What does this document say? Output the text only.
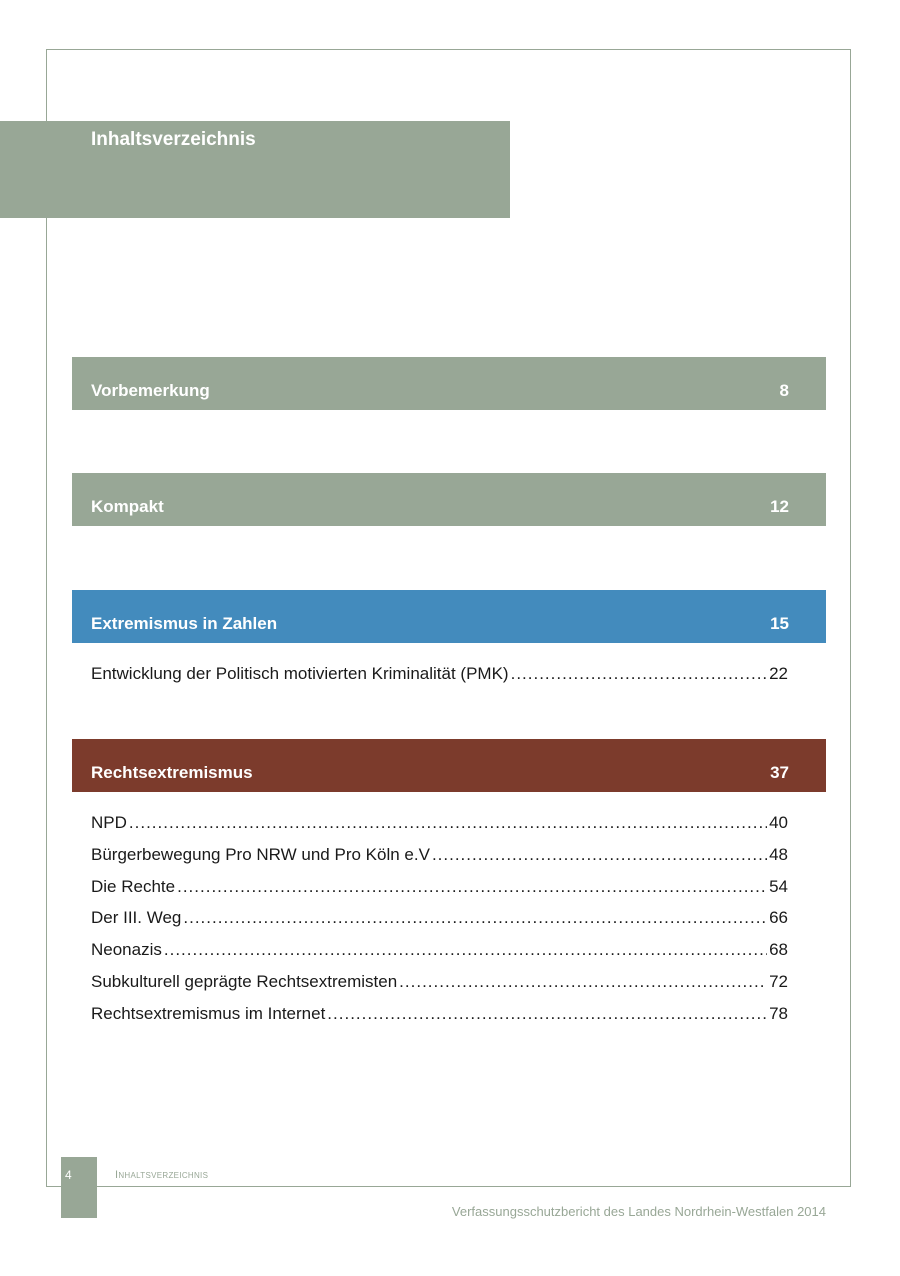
Inhaltsverzeichnis
Vorbemerkung	8
Kompakt	12
Extremismus in Zahlen	15
Entwicklung der Politisch motivierten Kriminalität (PMK) .....	22
Rechtsextremismus	37
NPD .....	40
Bürgerbewegung Pro NRW und Pro Köln e.V .....	48
Die Rechte .....	54
Der III. Weg .....	66
Neonazis .....	68
Subkulturell geprägte Rechtsextremisten .....	72
Rechtsextremismus im Internet .....	78
4	Inhaltsverzeichnis
Verfassungsschutzbericht des Landes Nordrhein-Westfalen 2014
